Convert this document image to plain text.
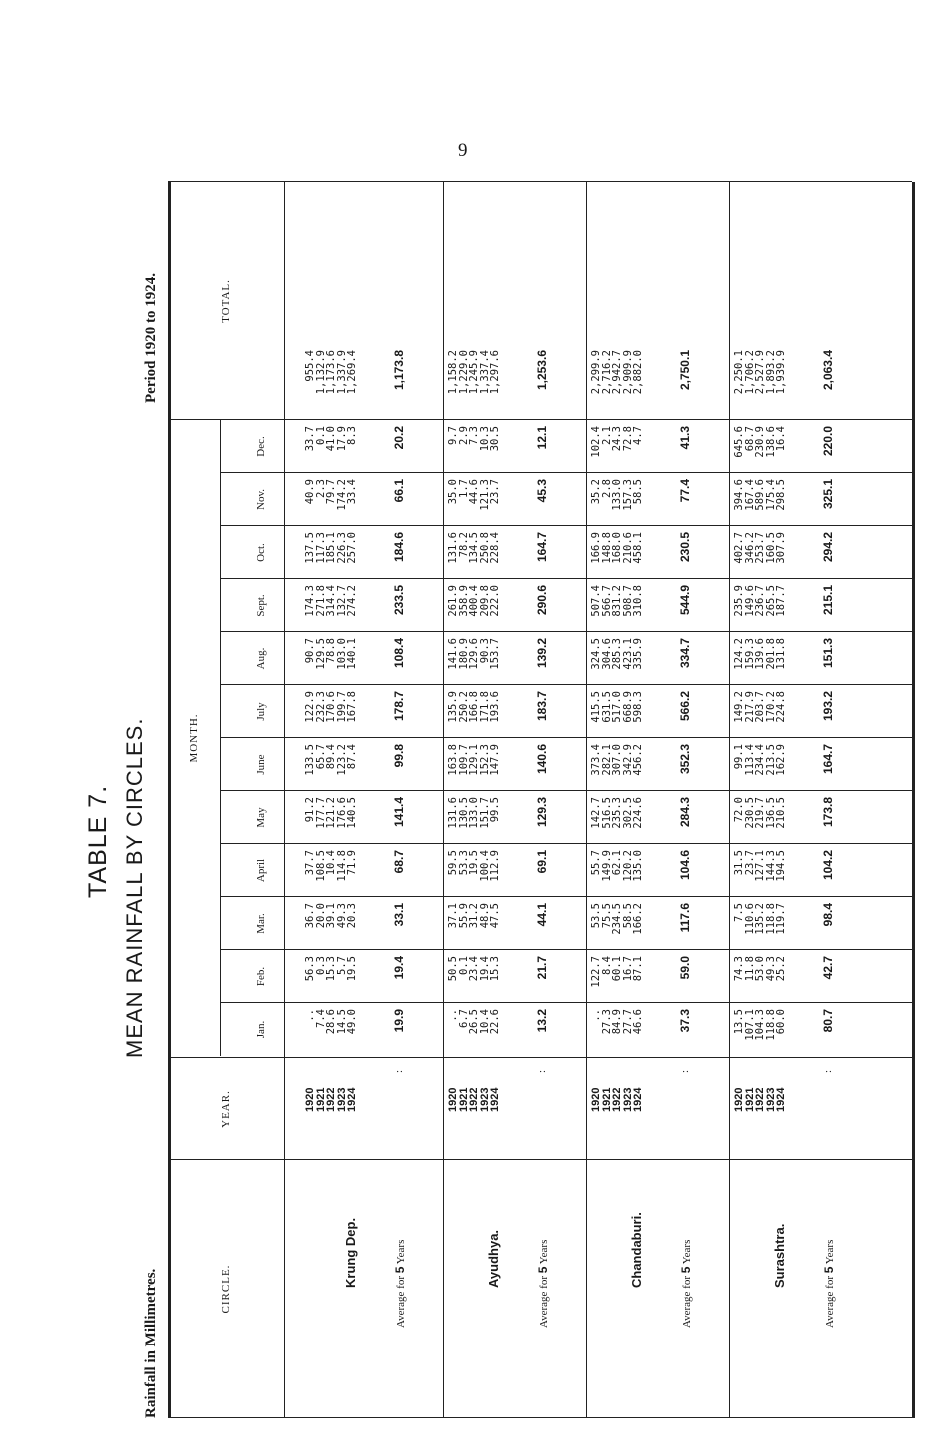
9
TABLE 7. MEAN RAINFALL BY CIRCLES.
Rainfall in Millimetres.
Period 1920 to 1924.
CIRCLE.
YEAR.
MONTH.
TOTAL.
Jan.
Feb.
Mar.
April
May
June
July
Aug.
Sept.
Oct.
Nov.
Dec.
Krung Dep.
1920
1921
1922
1923
1924
..
7.4
28.6
14.5
49.0
56.3
0.3
15.3
5.7
19.5
36.7
20.0
39.1
49.3
20.3
37.7
108.5
10.4
114.8
71.9
91.2
177.7
121.2
176.6
140.5
133.5
65.7
89.4
123.2
87.4
122.9
232.3
170.6
199.7
167.8
90.7
129.5
78.8
103.0
140.1
174.3
271.8
314.4
132.7
274.2
137.5
117.3
185.1
226.3
257.0
40.9
2.3
79.7
174.2
33.4
33.7
0.1
41.0
17.9
8.3
955.4
1,132.9
1,173.6
1,337.9
1,269.4
Average for 5 Years
:
19.9
19.4
33.1
68.7
141.4
99.8
178.7
108.4
233.5
184.6
66.1
20.2
1,173.8
Ayudhya.
1920
1921
1922
1923
1924
..
6.7
26.5
10.4
22.6
50.5
0.1
23.4
19.4
15.3
37.1
55.9
31.2
48.9
47.5
59.5
53.3
19.5
100.4
112.9
131.6
130.5
133.0
151.7
99.5
163.8
109.7
129.1
152.3
147.9
135.9
250.2
166.8
171.8
193.6
141.6
180.9
129.6
90.3
153.7
261.9
358.9
400.4
209.8
222.0
131.6
78.2
134.5
250.8
228.4
35.0
1.7
44.6
121.3
23.7
9.7
2.9
7.3
10.3
30.5
1,158.2
1,229.0
1,245.9
1,337.4
1,297.6
Average for 5 Years
:
13.2
21.7
44.1
69.1
129.3
140.6
183.7
139.2
290.6
164.7
45.3
12.1
1,253.6
Chandaburi.
1920
1921
1922
1923
1924
..
27.3
84.9
27.7
46.6
122.7
8.4
60.1
16.7
87.1
53.5
75.5
234.5
58.5
166.2
55.7
149.9
62.1
120.2
135.0
142.7
516.5
235.3
302.5
224.6
373.4
282.1
307.0
342.9
456.2
415.5
631.5
517.0
668.9
598.3
324.5
304.6
285.3
423.1
335.9
507.4
566.7
831.2
508.7
310.8
166.9
148.8
168.0
210.6
458.1
35.2
2.8
133.0
157.3
58.5
102.4
2.1
24.3
72.8
4.7
2,299.9
2,716.2
2,942.7
2,909.9
2,882.0
Average for 5 Years
:
37.3
59.0
117.6
104.6
284.3
352.3
566.2
334.7
544.9
230.5
77.4
41.3
2,750.1
Surashtra.
1920
1921
1922
1923
1924
13.5
107.1
104.3
118.8
60.0
74.3
11.8
53.0
49.3
25.2
7.5
110.6
135.2
118.8
119.7
31.5
23.7
127.1
144.3
194.5
72.0
230.5
219.7
136.5
210.5
99.1
113.4
234.4
213.5
162.9
149.2
217.9
203.7
170.2
224.8
124.2
159.3
139.6
201.8
131.8
235.9
149.6
236.7
265.5
187.7
402.7
346.2
253.7
160.5
307.9
394.6
167.4
589.6
175.4
298.5
645.6
68.7
230.9
138.6
16.4
2,250.1
1,706.2
2,527.9
1,893.2
1,939.9
Average for 5 Years
:
80.7
42.7
98.4
104.2
173.8
164.7
193.2
151.3
215.1
294.2
325.1
220.0
2,063.4
